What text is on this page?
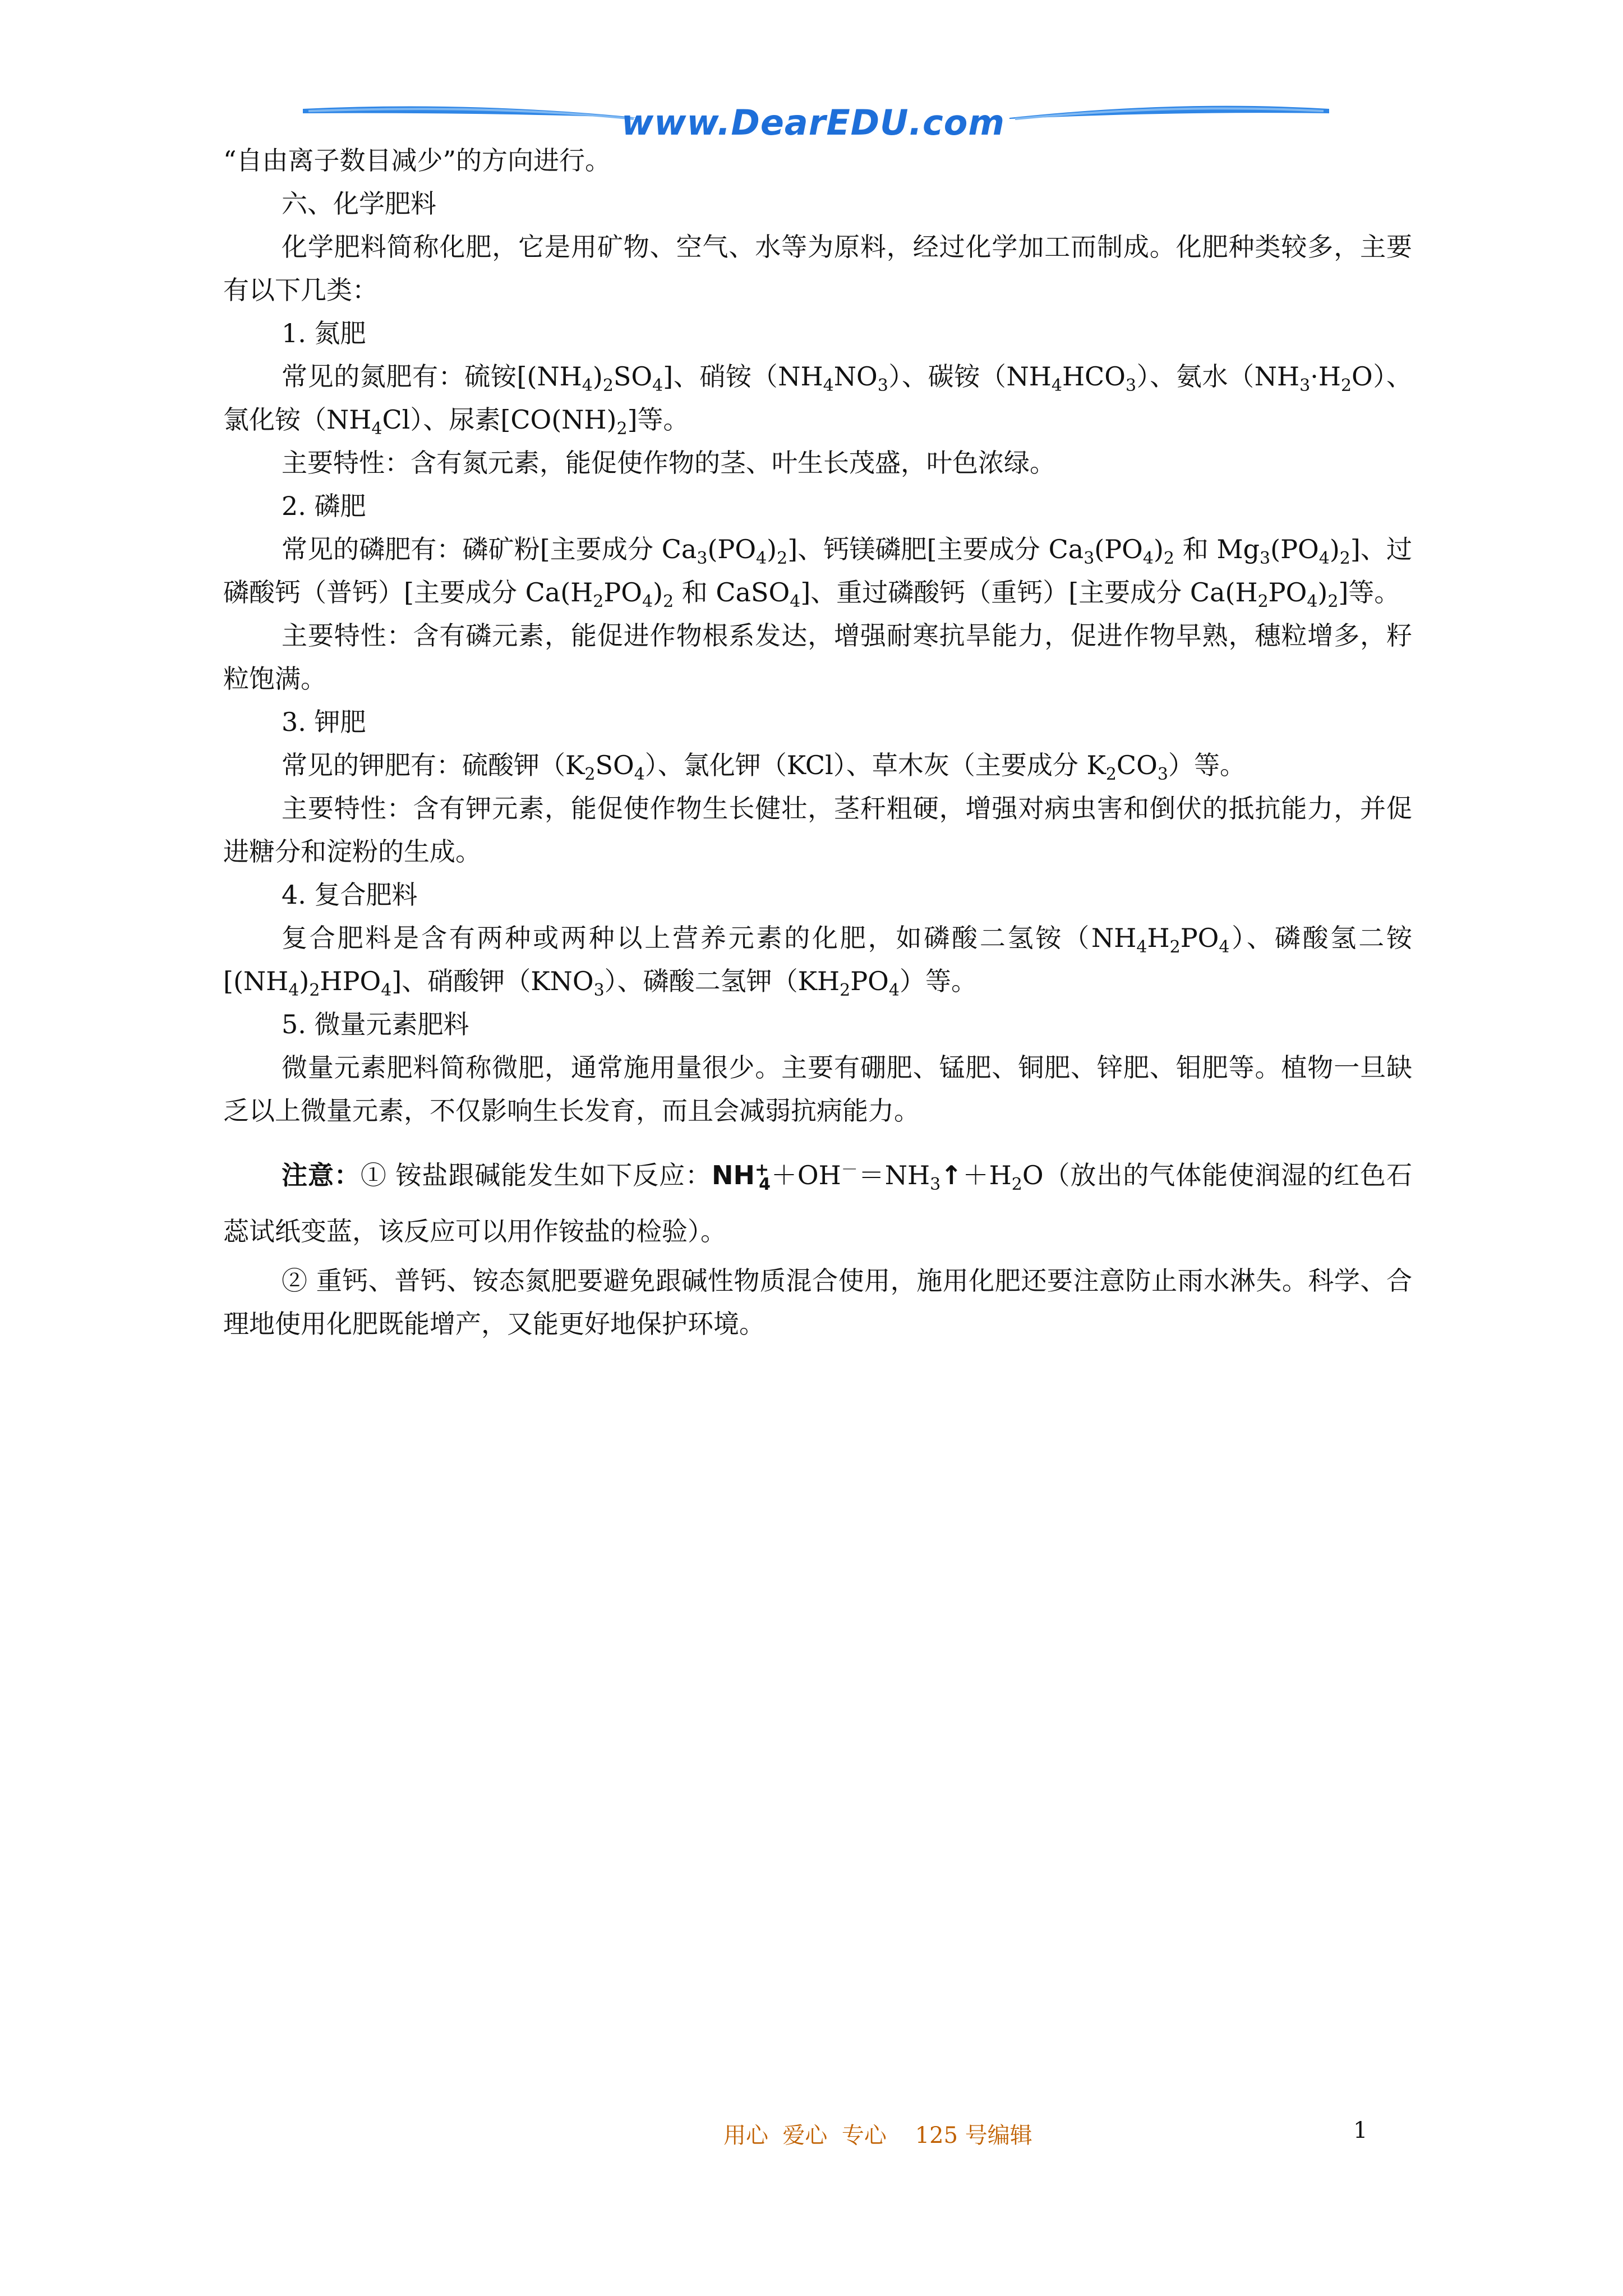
www.DearEDU.com

“自由离子数目减少”的方向进行。

六、化学肥料

化学肥料简称化肥，它是用矿物、空气、水等为原料，经过化学加工而制成。化肥种类较多，主要有以下几类：

1. 氮肥

常见的氮肥有：硫铵$[(NH_4)_2SO_4]$、硝铵$(NH_4NO_3)$、碳铵$(NH_4HCO_3)$、氨水$(NH_3\cdot H_2O)$、氯化铵$(NH_4Cl)$、尿素$[CO(NH)_2]$等。

主要特性：含有氮元素，能促使作物的茎、叶生长茂盛，叶色浓绿。

2. 磷肥

常见的磷肥有：磷矿粉[主要成分 $Ca_3(PO_4)_2$]、钙镁磷肥[主要成分 $Ca_3(PO_4)_2$ 和 $Mg_3(PO_4)_2$]、过磷酸钙（普钙）[主要成分 $Ca(H_2PO_4)_2$ 和 CaSO$_4$]、重过磷酸钙（重钙）[主要成分 $Ca(H_2PO_4)_2$]等。

主要特性：含有磷元素，能促进作物根系发达，增强耐寒抗旱能力，促进作物早熟，穗粒增多，籽粒饱满。

3. 钾肥

常见的钾肥有：硫酸钾$(K_2SO_4)$、氯化钾（KCl）、草木灰（主要成分 $K_2CO_3$）等。

主要特性：含有钾元素，能促使作物生长健壮，茎秆粗硬，增强对病虫害和倒伏的抵抗能力，并促进糖分和淀粉的生成。

4. 复合肥料

复合肥料是含有两种或两种以上营养元素的化肥，如磷酸二氢铵$(NH_4H_2PO_4)$、磷酸氢二铵$[(NH_4)_2HPO_4]$、硝酸钾$(KNO_3)$、磷酸二氢钾$(KH_2PO_4)$等。

5. 微量元素肥料

微量元素肥料简称微肥，通常施用量很少。主要有硼肥、锰肥、铜肥、锌肥、钼肥等。植物一旦缺乏以上微量元素，不仅影响生长发育，而且会减弱抗病能力。

注意：① 铵盐跟碱能发生如下反应：$NH^+_4+OH^-=NH_3↑+H_2O$（放出的气体能使润湿的红色石蕊试纸变蓝，该反应可以用作铵盐的检验）。

② 重钙、普钙、铵态氮肥要避免跟碱性物质混合使用，施用化肥还要注意防止雨水淋失。科学、合理地使用化肥既能增产，又能更好地保护环境。

用心  爱心  专心    125 号编辑	1
